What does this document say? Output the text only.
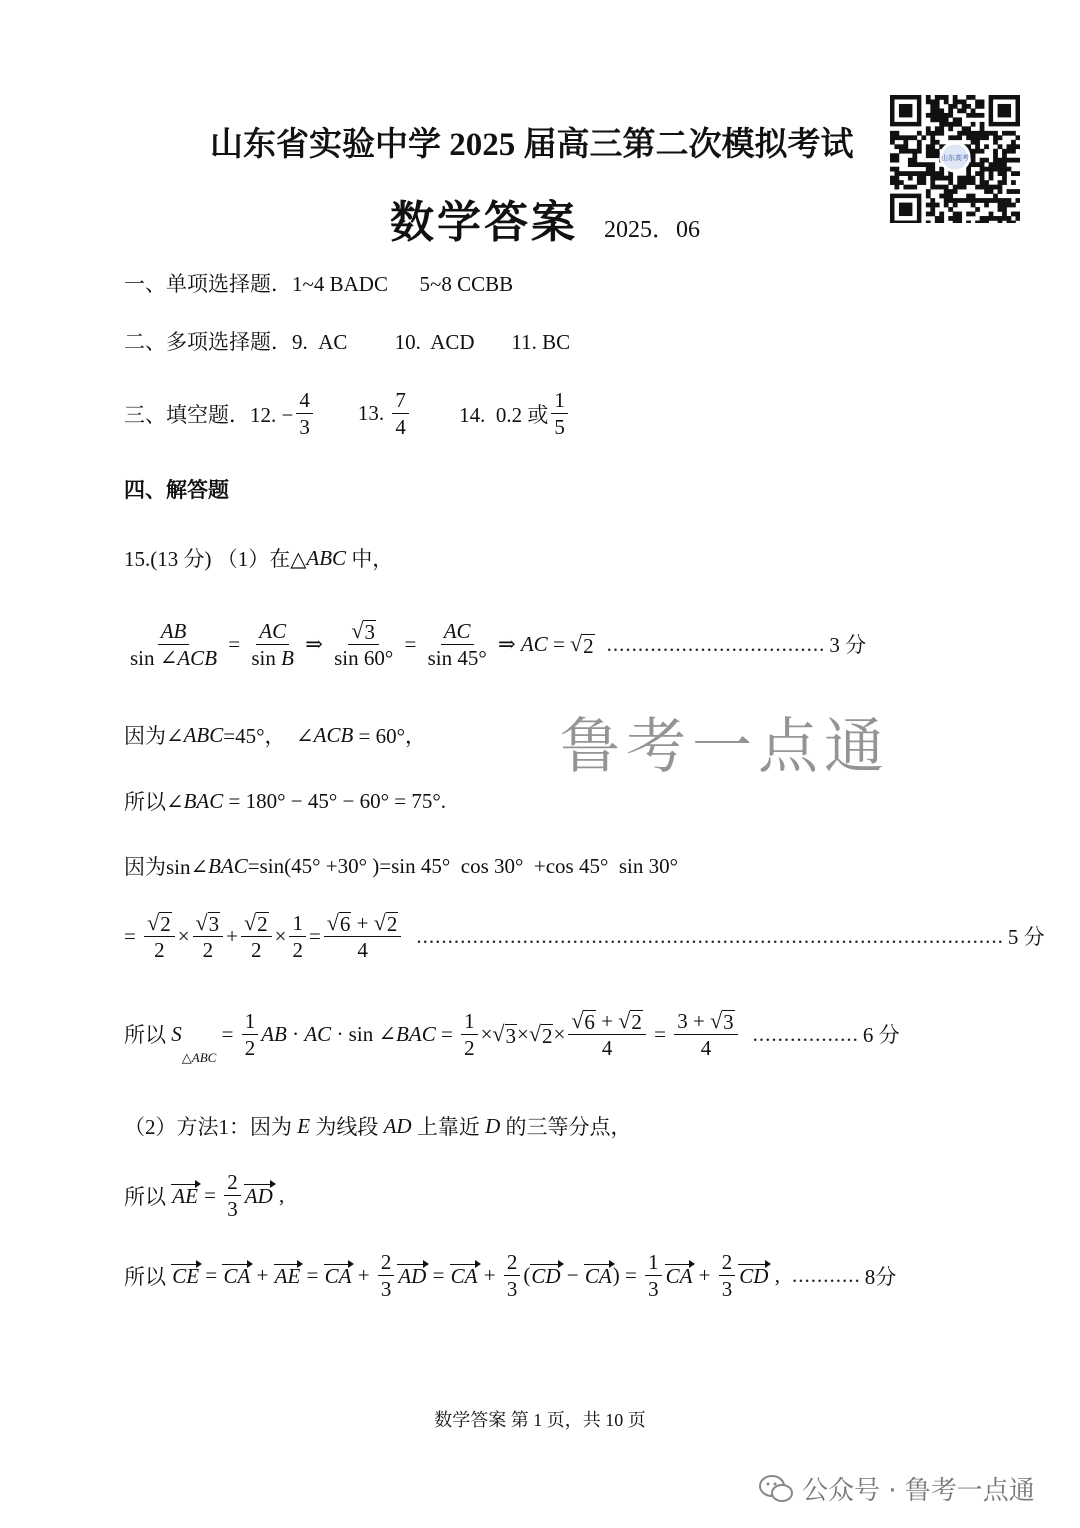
山东省实验中学 2025 届高三第二次模拟考试
数学答案 2025．06
山东高考
一、单项选择题．1~4 BADC      5~8 CCBB
二、多项选择题．9.  AC         10.  ACD       11. BC
三、填空题．12. − $\frac{4}{3} 13$. $\frac{7}{4} 14$.  0.2 或 $\frac{1}{5}$
四、解答题
15.(13 分) （1）在△ ABC 中，
$\frac{AB}{\text{sin ∠ ACB}} = \frac{AC}{\text{sin B}}$ ⇒ $\frac{√ 3}{\sin 60^\circ} = \frac{AC}{\sin 45^\circ}$ ⇒ AC = √ 2 ................................... 3 分
因为∠ ABC =45°，  ∠ ACB = 60°，
所以∠ BAC = 180° − 45° − 60° = 75°.
因为sin∠ BAC =sin(45° +30° )=sin 45°  cos 30°  +cos 45°  sin 30°
= $\frac{√ 2}{2} \times \frac{√ 3}{2} + \frac{√ 2}{2} \times \frac{1}{2} = \frac{√ 6 + √ 2}{4}$ .............................................................................................. 5 分
所以 S
△ABC
= $\frac{1}{2}$ AB · AC · sin ∠ BAC = $\frac{1}{2}$ × √ 3 × √ $2 \times \frac{√ 6 + √ 2}{4} = \frac{3 + √ 3}{4}$ ................. 6 分
（2）方法1：因为 E 为线段 AD 上靠近 D 的三等分点，
所以 AE = $\frac{2}{3}$ AD ,
所以 CE = CA + AE = CA + $\frac{2}{3}$ AD = CA + $\frac{2}{3}$ ( CD − CA ) = $\frac{1}{3}$ CA + $\frac{2}{3}$ CD , ........... 8分
鲁考一点通
数学答案 第 1 页，共 10 页
公众号 · 鲁考一点通
